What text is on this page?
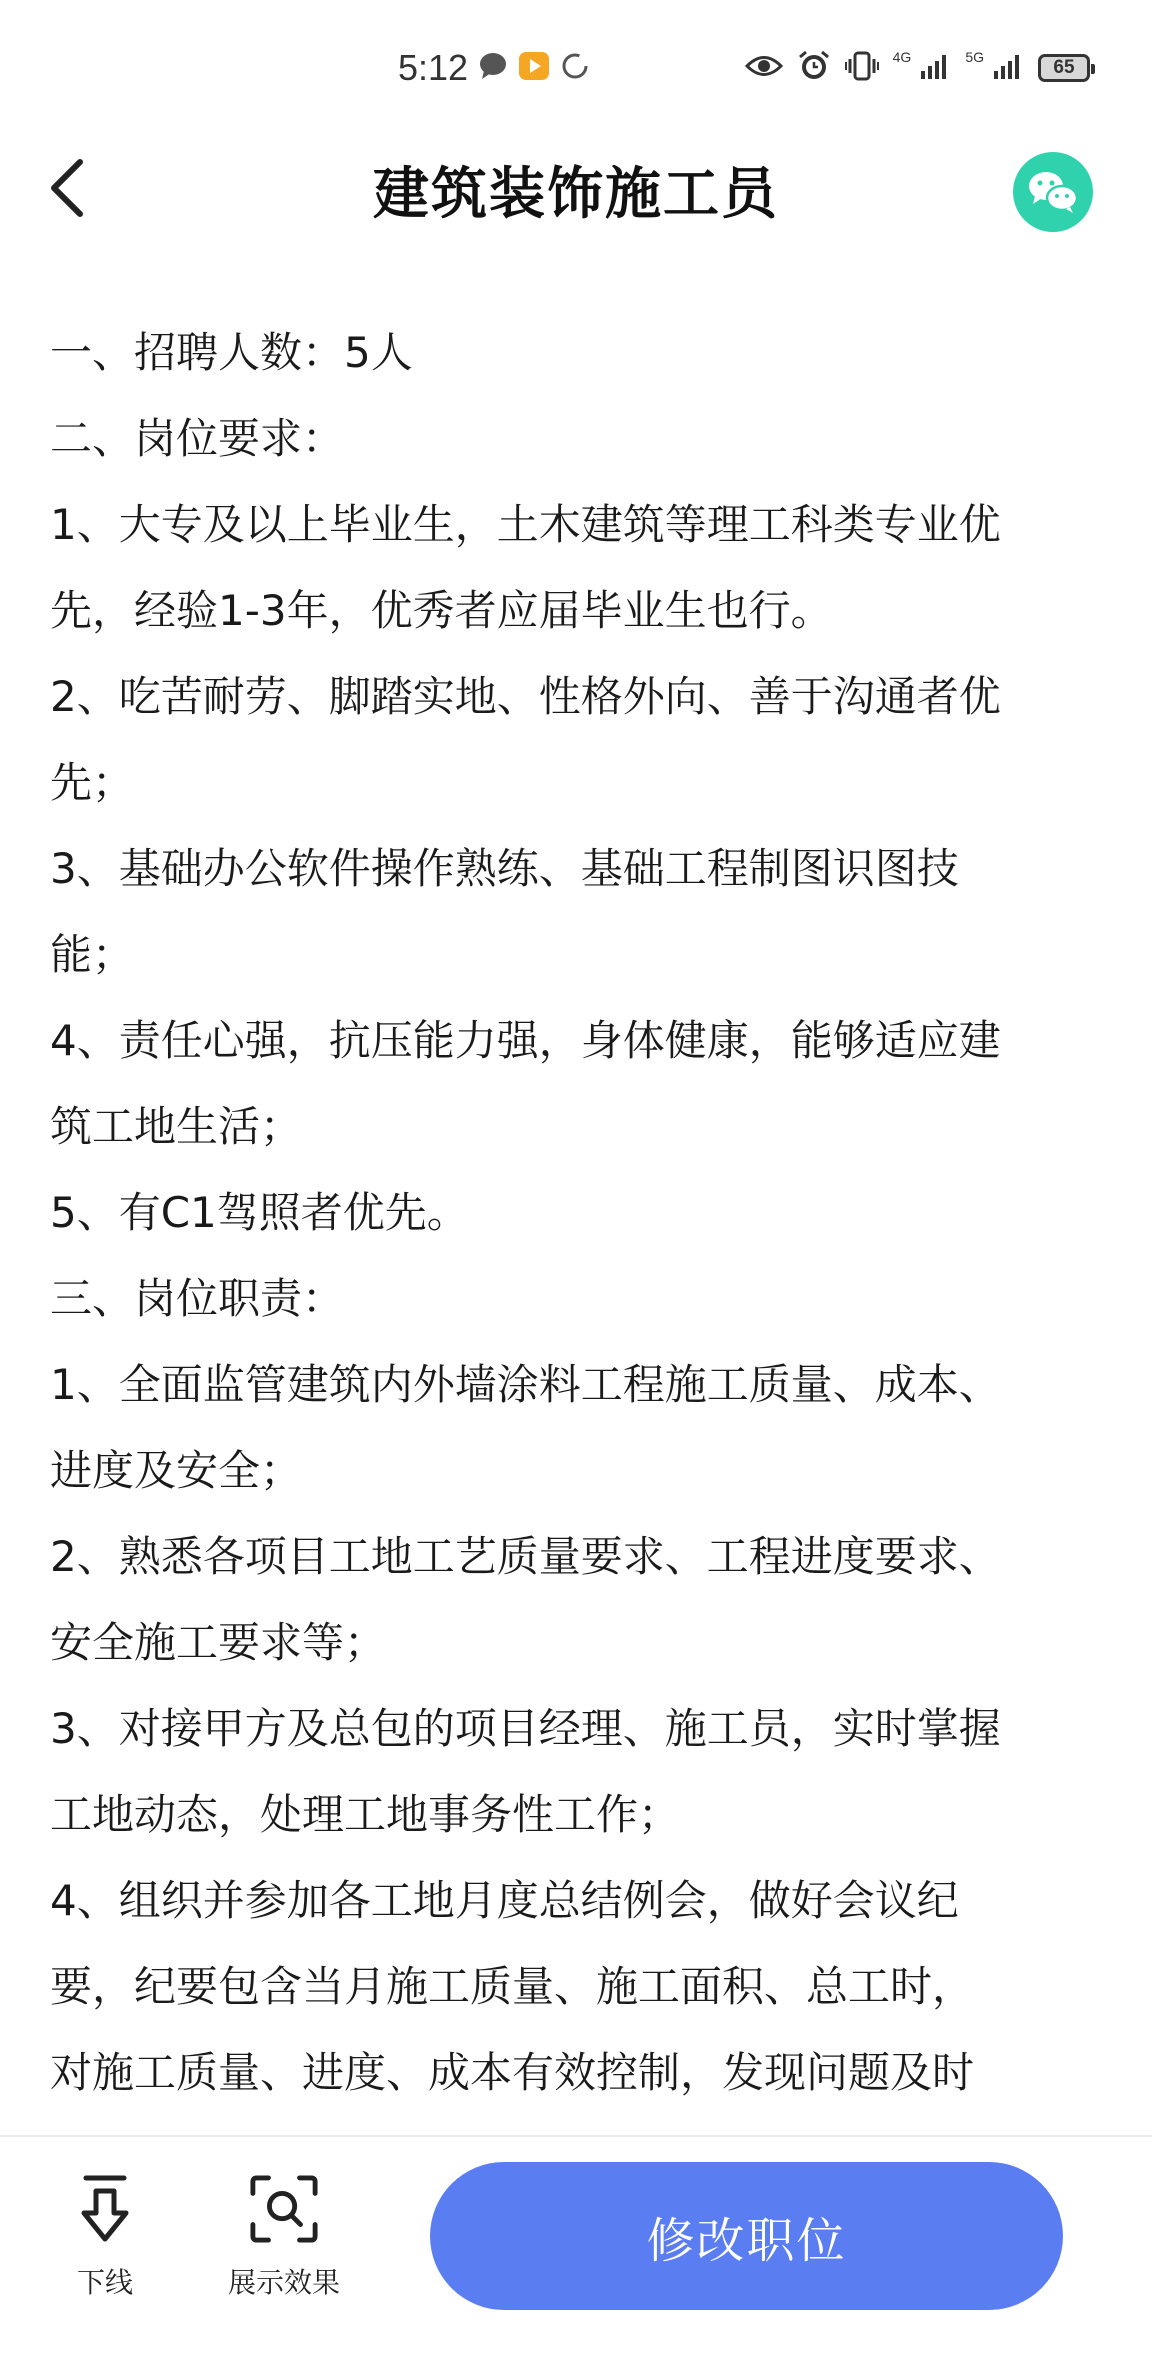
5:12	4G	5G	65
建筑装饰施工员

一、招聘人数：5人

二、岗位要求：

1、大专及以上毕业生，土木建筑等理工科类专业优

先，经验1-3年，优秀者应届毕业生也行。

2、吃苦耐劳、脚踏实地、性格外向、善于沟通者优

先；

3、基础办公软件操作熟练、基础工程制图识图技

能；

4、责任心强，抗压能力强，身体健康，能够适应建

筑工地生活；

5、有C1驾照者优先。

三、岗位职责：

1、全面监管建筑内外墙涂料工程施工质量、成本、

进度及安全；

2、熟悉各项目工地工艺质量要求、工程进度要求、

安全施工要求等；

3、对接甲方及总包的项目经理、施工员，实时掌握

工地动态，处理工地事务性工作；

4、组织并参加各工地月度总结例会，做好会议纪

要，纪要包含当月施工质量、施工面积、总工时，

对施工质量、进度、成本有效控制，发现问题及时

下线	展示效果
修改职位
